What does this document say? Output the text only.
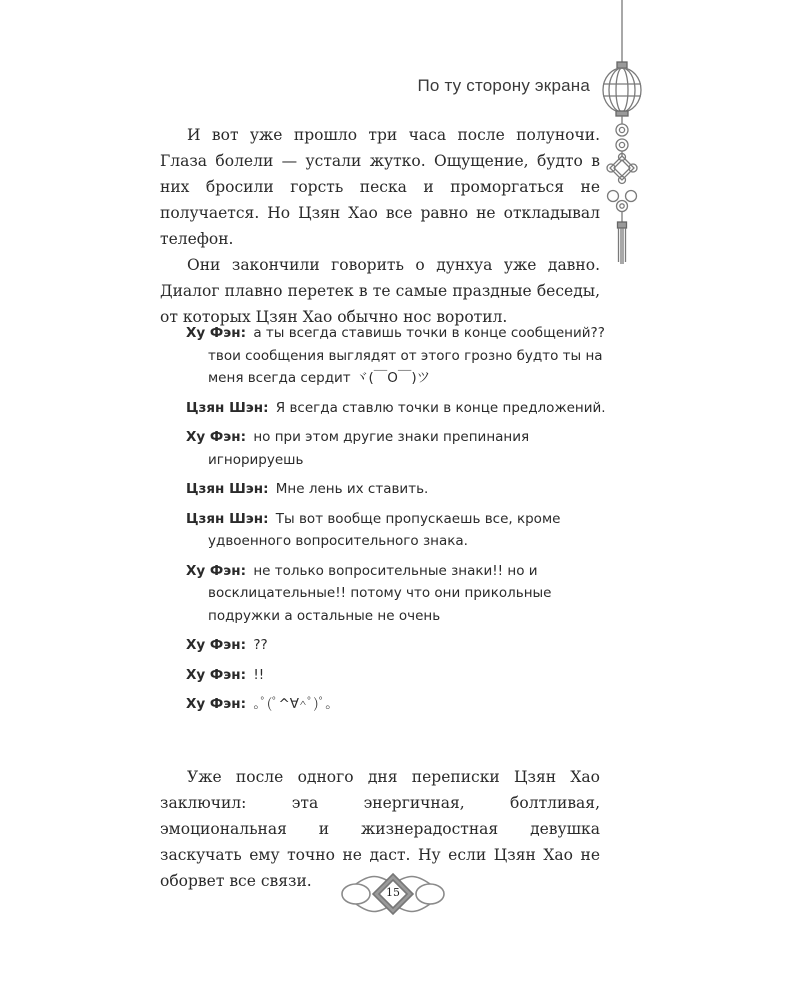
По ту сторону экрана

И вот уже прошло три часа после полуночи. Глаза болели — устали жутко. Ощущение, будто в них бросили горсть песка и проморгаться не получается. Но Цзян Хао все равно не откладывал телефон.

Они закончили говорить о дунхуа уже давно. Диалог плавно перетек в те самые праздные беседы, от которых Цзян Хао обычно нос воротил.

Ху Фэн: а ты всегда ставишь точки в конце сообщений?? твои сообщения выглядят от этого грозно будто ты на меня всегда сердит ヾ(￣O￣)ツ
Цзян Шэн: Я всегда ставлю точки в конце предложений.
Ху Фэн: но при этом другие знаки препинания игнорируешь
Цзян Шэн: Мне лень их ставить.
Цзян Шэн: Ты вот вообще пропускаешь все, кроме удвоенного вопросительного знака.
Ху Фэн: не только вопросительные знаки!! но и восклицательные!! потому что они прикольные подружки а остальные не очень
Ху Фэн: ??
Ху Фэн: !!
Ху Фэн: ｡ﾟ(ﾟ^∀^ﾟ)ﾟ｡

Уже после одного дня переписки Цзян Хао заключил: эта энергичная, болтливая, эмоциональная и жизнерадостная девушка заскучать ему точно не даст. Ну если Цзян Хао не оборвет все связи.

15
